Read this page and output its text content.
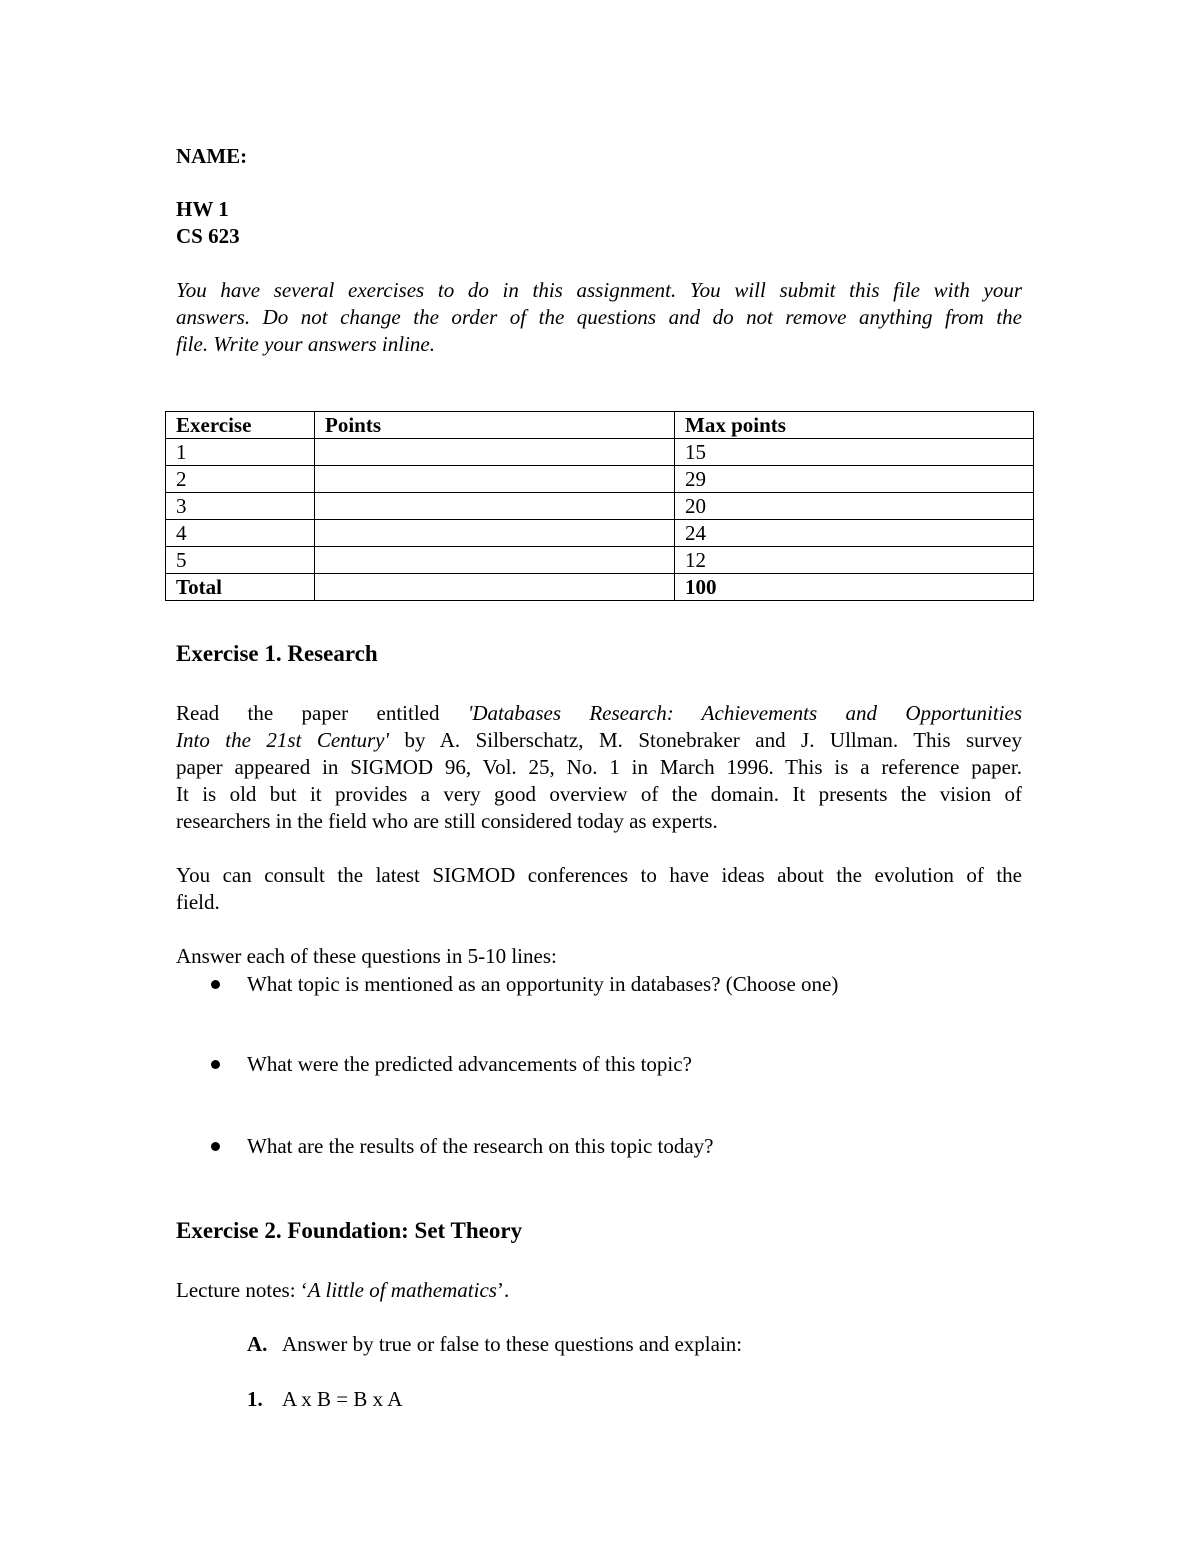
NAME:
HW 1
CS 623
You have several exercises to do in this assignment. You will submit this file with your
answers. Do not change the order of the questions and do not remove anything from the
file. Write your answers inline.
Exercise	Points	Max points
1		15
2		29
3		20
4		24
5		12
Total		100
Exercise 1. Research
Read the paper entitled 'Databases Research: Achievements and Opportunities
Into the 21st Century' by A. Silberschatz, M. Stonebraker and J. Ullman. This survey
paper appeared in SIGMOD 96, Vol. 25, No. 1 in March 1996. This is a reference paper.
It is old but it provides a very good overview of the domain. It presents the vision of
researchers in the field who are still considered today as experts.
You can consult the latest SIGMOD conferences to have ideas about the evolution of the
field.
Answer each of these questions in 5-10 lines:
What topic is mentioned as an opportunity in databases? (Choose one)
What were the predicted advancements of this topic?
What are the results of the research on this topic today?
Exercise 2. Foundation: Set Theory
Lecture notes: ‘A little of mathematics’.
A. Answer by true or false to these questions and explain:
1. A x B = B x A
